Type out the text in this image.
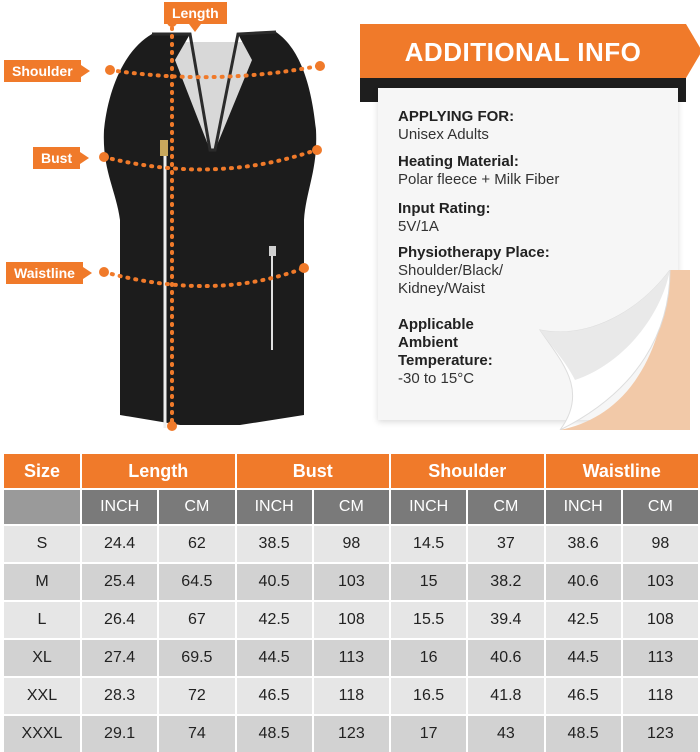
Length
Shoulder
Bust
Waistline
ADDITIONAL INFO
APPLYING FOR:
Unisex Adults
Heating Material:
Polar fleece + Milk Fiber
Input Rating:
5V/1A
Physiotherapy Place:
Shoulder/Black/
Kidney/Waist
Applicable
Ambient
Temperature:
-30 to 15°C
Size	Length		Bust		Shoulder		Waistline	
	INCH	CM	INCH	CM	INCH	CM	INCH	CM
S	24.4	62	38.5	98	14.5	37	38.6	98
M	25.4	64.5	40.5	103	15	38.2	40.6	103
L	26.4	67	42.5	108	15.5	39.4	42.5	108
XL	27.4	69.5	44.5	113	16	40.6	44.5	113
XXL	28.3	72	46.5	118	16.5	41.8	46.5	118
XXXL	29.1	74	48.5	123	17	43	48.5	123
